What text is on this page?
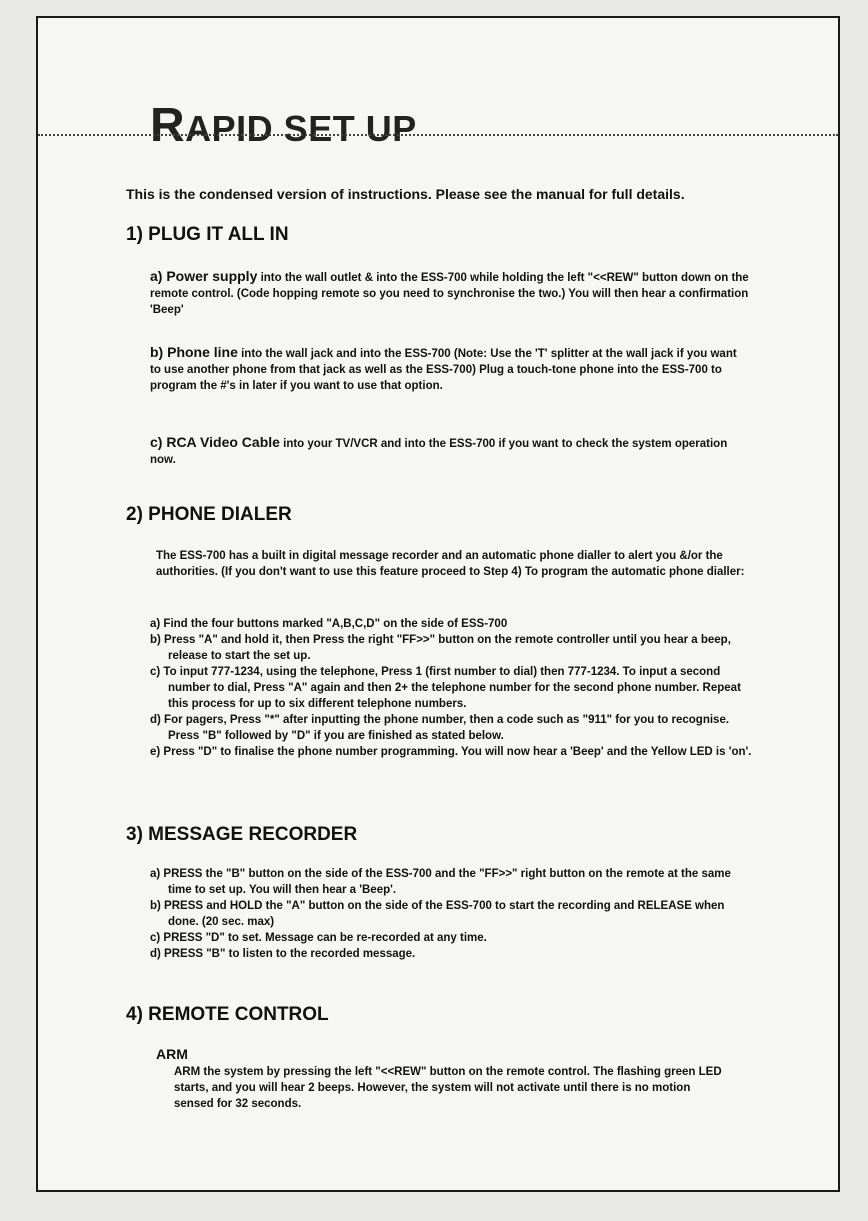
RAPID SET UP
This is the condensed version of instructions. Please see the manual for full details.
1) PLUG IT ALL IN
a) Power supply into the wall outlet & into the ESS-700 while holding the left "<<REW" button down on the remote control. (Code hopping remote so you need to synchronise the two.) You will then hear a confirmation 'Beep'
b) Phone line into the wall jack and into the ESS-700 (Note: Use the 'T' splitter at the wall jack if you want to use another phone from that jack as well as the ESS-700) Plug a touch-tone phone into the ESS-700 to program the #'s in later if you want to use that option.
c) RCA Video Cable into your TV/VCR and into the ESS-700 if you want to check the system operation now.
2) PHONE DIALER
The ESS-700 has a built in digital message recorder and an automatic phone dialler to alert you &/or the authorities. (If you don't want to use this feature proceed to Step 4) To program the automatic phone dialler:
a) Find the four buttons marked "A,B,C,D" on the side of ESS-700
b) Press "A" and hold it, then Press the right "FF>>" button on the remote controller until you hear a beep, release to start the set up.
c) To input 777-1234, using the telephone, Press 1 (first number to dial) then 777-1234. To input a second number to dial, Press "A" again and then 2+ the telephone number for the second phone number. Repeat this process for up to six different telephone numbers.
d) For pagers, Press "*" after inputting the phone number, then a code such as "911" for you to recognise. Press "B" followed by "D" if you are finished as stated below.
e) Press "D" to finalise the phone number programming. You will now hear a 'Beep' and the Yellow LED is 'on'.
3) MESSAGE RECORDER
a) PRESS the "B" button on the side of the ESS-700 and the "FF>>" right button on the remote at the same time to set up. You will then hear a 'Beep'.
b) PRESS and HOLD the "A" button on the side of the ESS-700 to start the recording and RELEASE when done. (20 sec. max)
c) PRESS "D" to set. Message can be re-recorded at any time.
d) PRESS "B" to listen to the recorded message.
4) REMOTE CONTROL
ARM
ARM the system by pressing the left "<<REW" button on the remote control. The flashing green LED starts, and you will hear 2 beeps. However, the system will not activate until there is no motion sensed for 32 seconds.
